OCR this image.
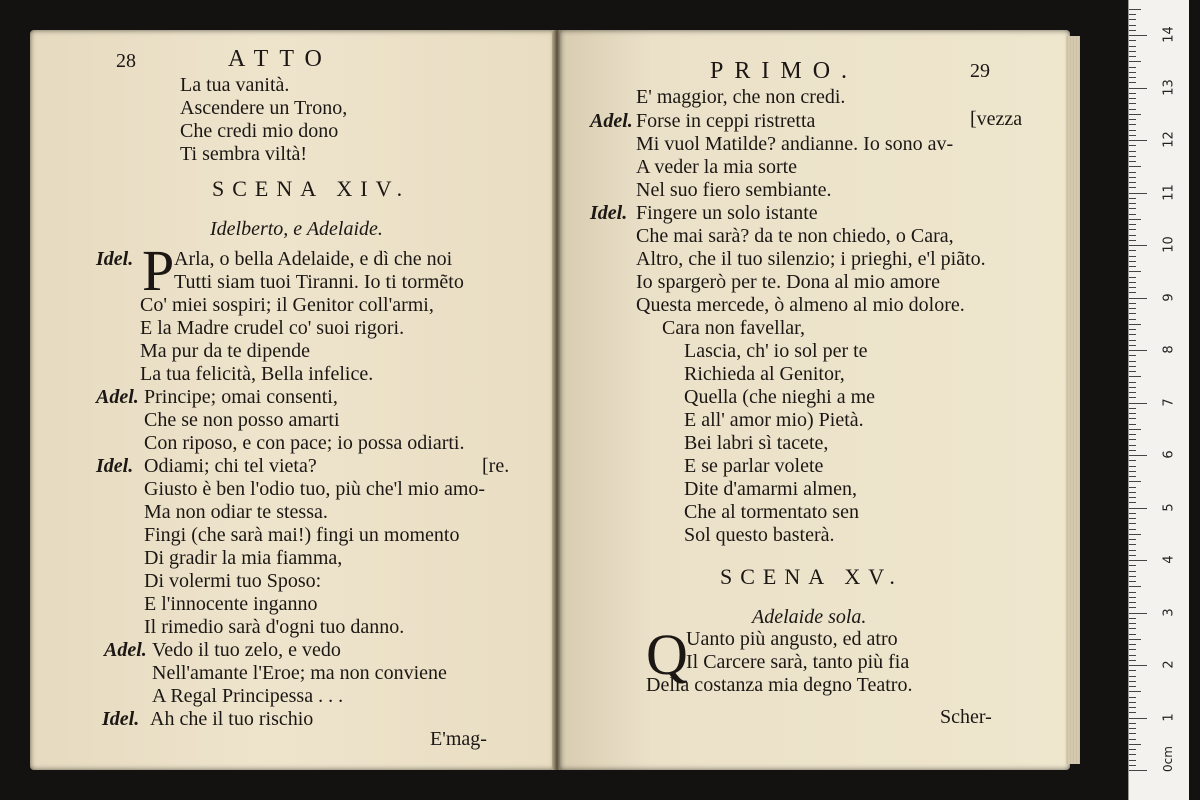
28	ATTO
La tua vanità.
Ascendere un Trono,
Che credi mio dono
Ti sembra viltà!
SCENA XIV.
Idelberto, e Adelaide.
Idel. P Arla, o bella Adelaide, e dì che noi
Tutti siam tuoi Tiranni. Io ti tormẽto
Co' miei sospiri; il Genitor coll'armi,
E la Madre crudel co' suoi rigori.
Ma pur da te dipende
La tua felicità, Bella infelice.
Adel. Principe; omai consenti,
Che se non posso amarti
Con riposo, e con pace; io possa odiarti.
Idel. Odiami; chi tel vieta?	[re.
Giusto è ben l'odio tuo, più che'l mio amo-
Ma non odiar te stessa.
Fingi (che sarà mai!) fingi un momento
Di gradir la mia fiamma,
Di volermi tuo Sposo:
E l'innocente inganno
Il rimedio sarà d'ogni tuo danno.
Adel. Vedo il tuo zelo, e vedo
Nell'amante l'Eroe; ma non conviene
A Regal Principessa . . .
Idel. Ah che il tuo rischio
E'mag-
PRIMO.	29
E' maggior, che non credi.
Adel. Forse in ceppi ristretta	[vezza
Mi vuol Matilde? andianne. Io sono av-
A veder la mia sorte
Nel suo fiero sembiante.
Idel. Fingere un solo istante
Che mai sarà? da te non chiedo, o Cara,
Altro, che il tuo silenzio; i prieghi, e'l piãto.
Io spargerò per te. Dona al mio amore
Questa mercede, ò almeno al mio dolore.
Cara non favellar,
Lascia, ch' io sol per te
Richieda al Genitor,
Quella (che nieghi a me
E all' amor mio) Pietà.
Bei labri sì tacete,
E se parlar volete
Dite d'amarmi almen,
Che al tormentato sen
Sol questo basterà.
SCENA XV.
Adelaide sola.
Q
Uanto più angusto, ed atro
Il Carcere sarà, tanto più fia
Della costanza mia degno Teatro.
Scher-
0cm
1
2
3
4
5
6
7
8
9
10
11
12
13
14
